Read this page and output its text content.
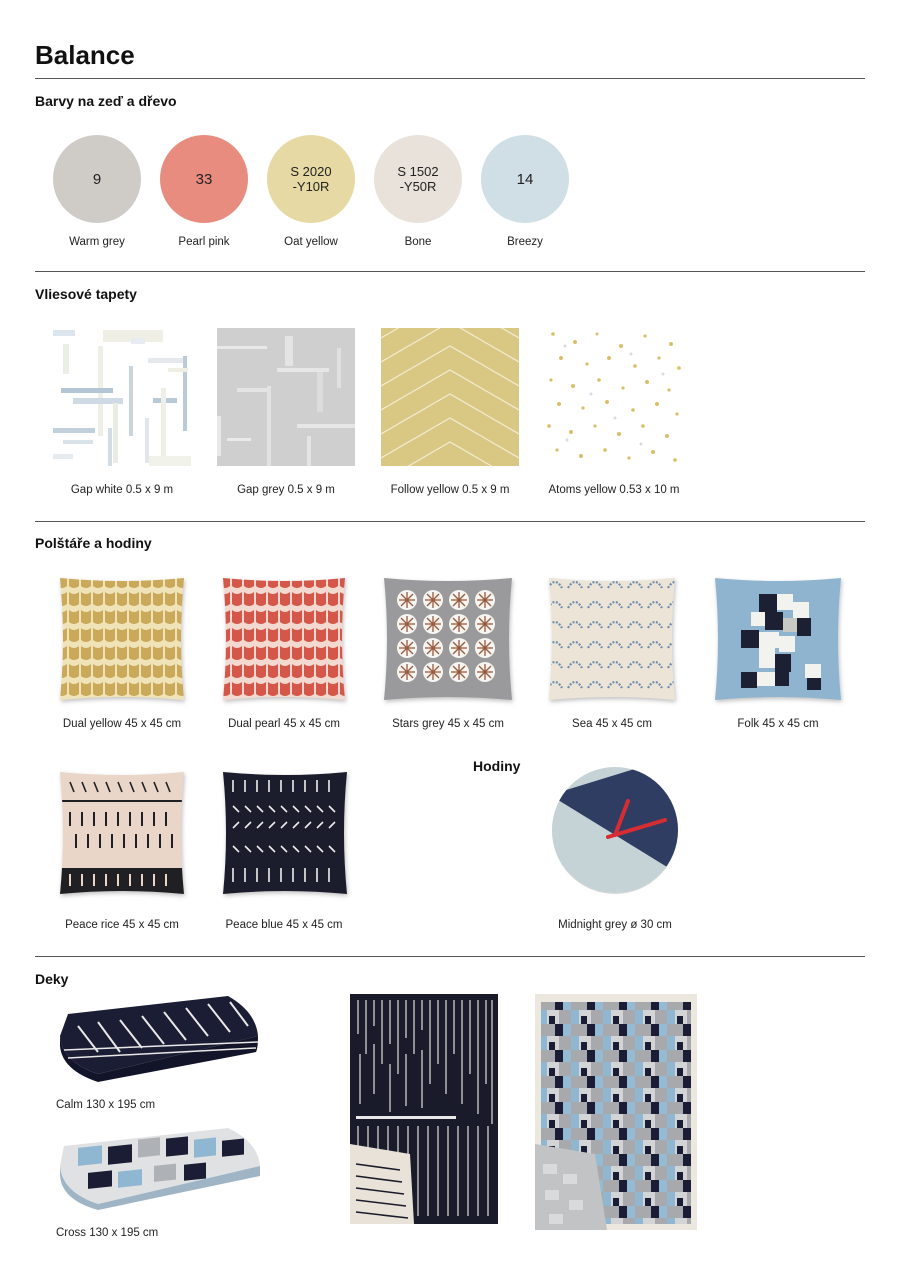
Balance
Barvy na zeď a dřevo
9	33	S 2020
-Y10R
S 1502
-Y50R	14
Warm grey	Pearl pink	Oat yellow	Bone	Breezy
Vliesové tapety
Gap white 0.5 x 9 m	Gap grey 0.5 x 9 m	Follow yellow 0.5 x 9 m	Atoms yellow 0.53 x 10 m
Polštáře a hodiny
Dual yellow 45 x 45 cm	Dual pearl 45 x 45 cm	Stars grey 45 x 45 cm	Sea 45 x 45 cm	Folk 45 x 45 cm
Peace rice 45 x 45 cm	Peace blue 45 x 45 cm
Hodiny
Midnight grey ø 30 cm
Deky
Calm 130 x 195 cm
Cross 130 x 195 cm
